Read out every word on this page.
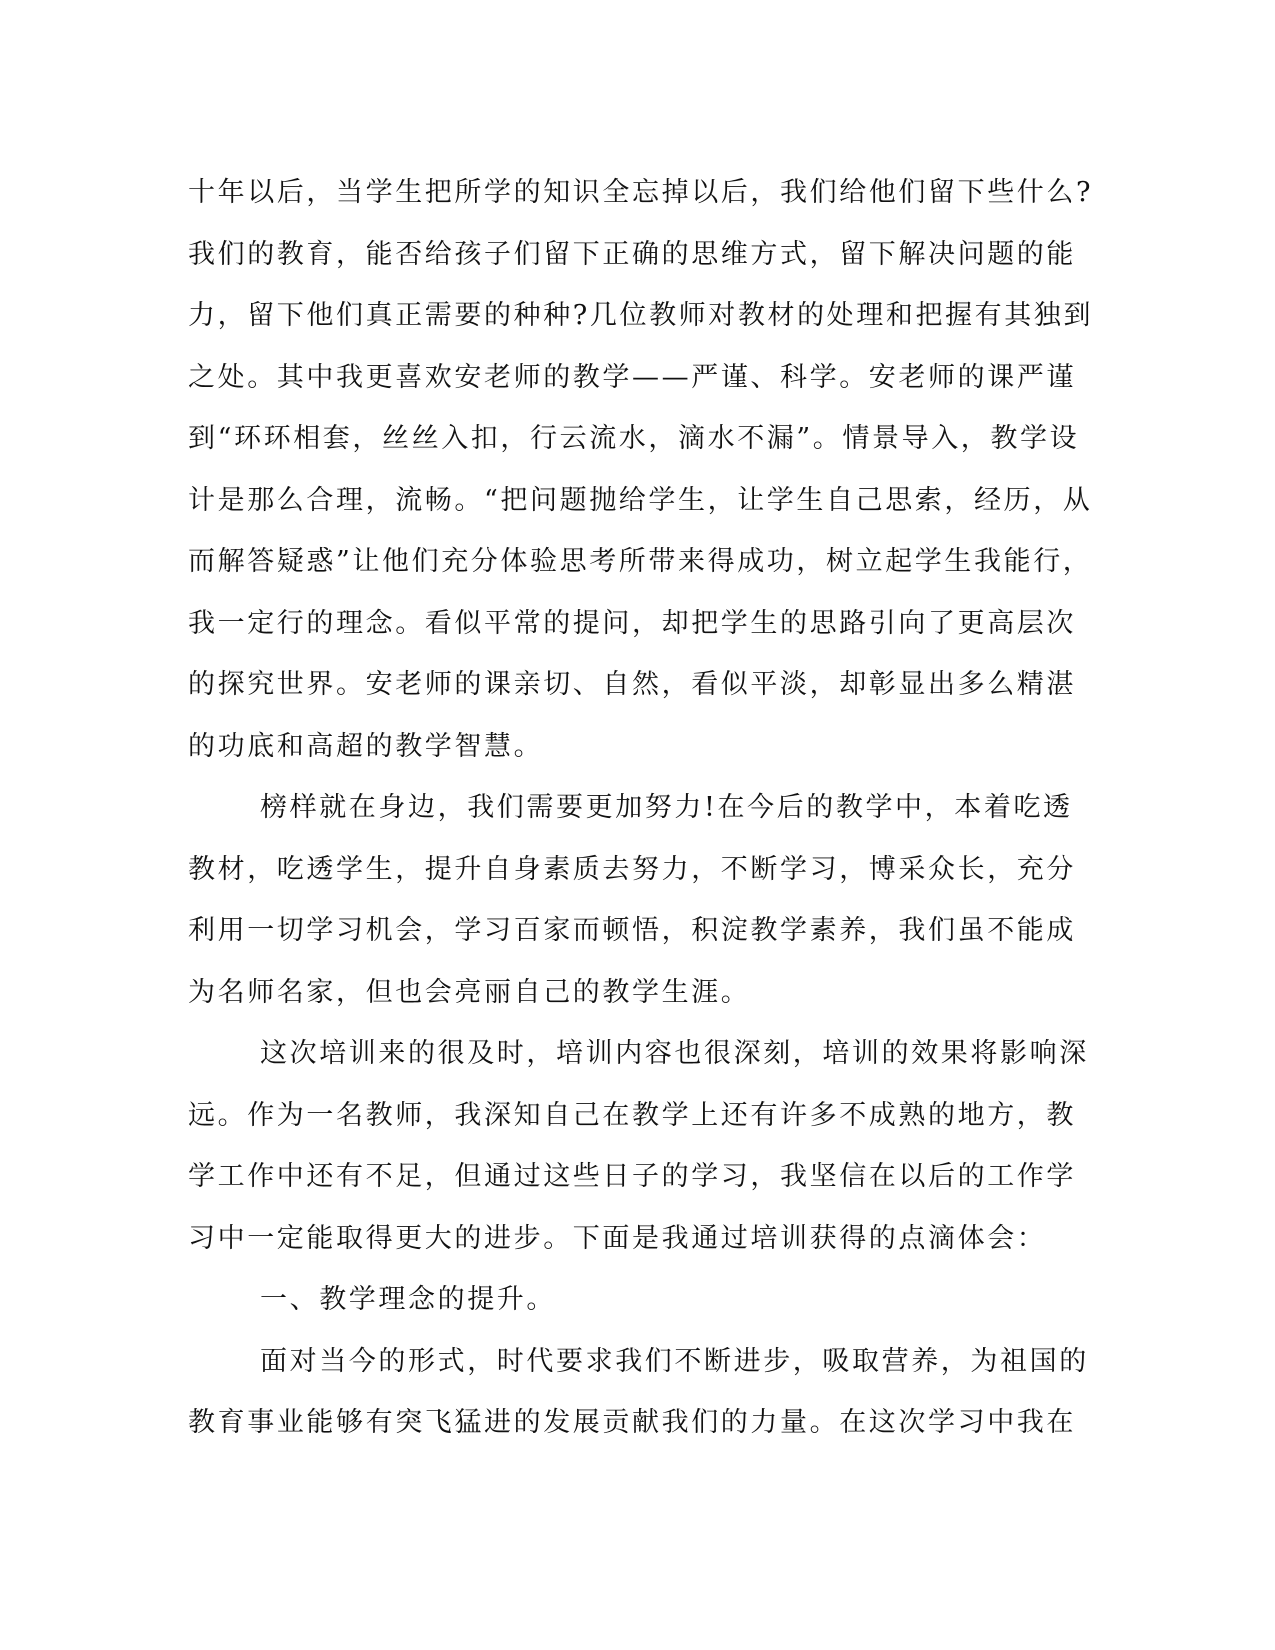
十年以后，当学生把所学的知识全忘掉以后，我们给他们留下些什么?
我们的教育，能否给孩子们留下正确的思维方式，留下解决问题的能
力，留下他们真正需要的种种?几位教师对教材的处理和把握有其独到
之处。其中我更喜欢安老师的教学——严谨、科学。安老师的课严谨
到“环环相套，丝丝入扣，行云流水，滴水不漏”。情景导入，教学设
计是那么合理，流畅。“把问题抛给学生，让学生自己思索，经历，从
而解答疑惑”让他们充分体验思考所带来得成功，树立起学生我能行，
我一定行的理念。看似平常的提问，却把学生的思路引向了更高层次
的探究世界。安老师的课亲切、自然，看似平淡，却彰显出多么精湛
的功底和高超的教学智慧。
榜样就在身边，我们需要更加努力!在今后的教学中，本着吃透
教材，吃透学生，提升自身素质去努力，不断学习，博采众长，充分
利用一切学习机会，学习百家而顿悟，积淀教学素养，我们虽不能成
为名师名家，但也会亮丽自己的教学生涯。
这次培训来的很及时，培训内容也很深刻，培训的效果将影响深
远。作为一名教师，我深知自己在教学上还有许多不成熟的地方，教
学工作中还有不足，但通过这些日子的学习，我坚信在以后的工作学
习中一定能取得更大的进步。下面是我通过培训获得的点滴体会：
一、教学理念的提升。
面对当今的形式，时代要求我们不断进步，吸取营养，为祖国的
教育事业能够有突飞猛进的发展贡献我们的力量。在这次学习中我在
